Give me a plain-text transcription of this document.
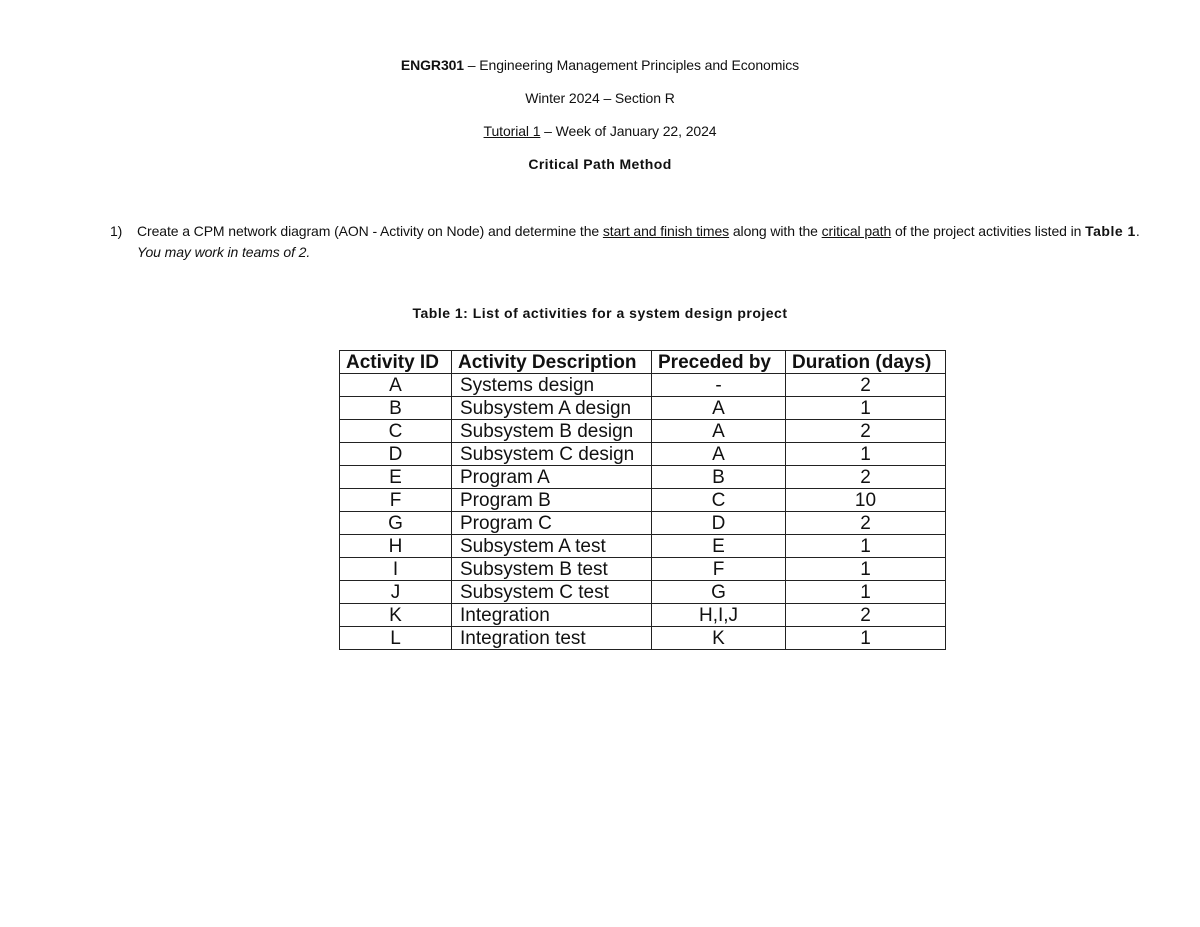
ENGR301 – Engineering Management Principles and Economics
Winter 2024 – Section R
Tutorial 1 – Week of January 22, 2024
Critical Path Method
1) Create a CPM network diagram (AON - Activity on Node) and determine the start and finish times along with the critical path of the project activities listed in Table 1. You may work in teams of 2.
Table 1: List of activities for a system design project
Activity ID	Activity Description	Preceded by	Duration (days)
A	Systems design	-	2
B	Subsystem A design	A	1
C	Subsystem B design	A	2
D	Subsystem C design	A	1
E	Program A	B	2
F	Program B	C	10
G	Program C	D	2
H	Subsystem A test	E	1
I	Subsystem B test	F	1
J	Subsystem C test	G	1
K	Integration	H,I,J	2
L	Integration test	K	1
